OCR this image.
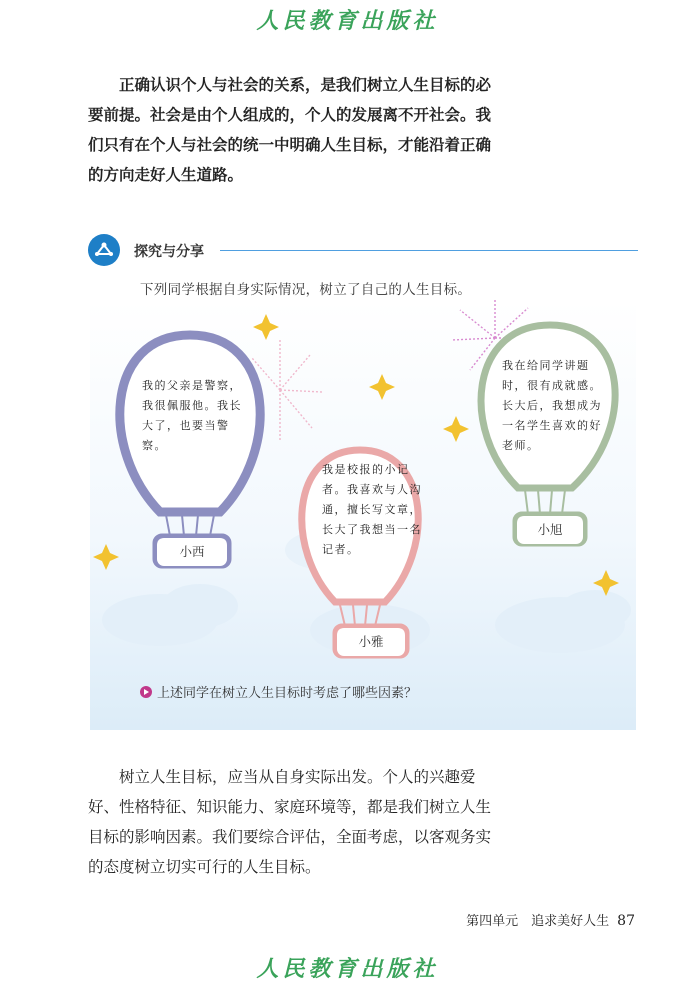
人民教育出版社
正确认识个人与社会的关系，是我们树立人生目标的必要前提。社会是由个人组成的，个人的发展离不开社会。我们只有在个人与社会的统一中明确人生目标，才能沿着正确的方向走好人生道路。
探究与分享
下列同学根据自身实际情况，树立了自己的人生目标。
我的父亲是警察，我很佩服他。我长大了，也要当警察。
小西
我是校报的小记者。我喜欢与人沟通，擅长写文章，长大了我想当一名记者。
小雅
我在给同学讲题时，很有成就感。长大后，我想成为一名学生喜欢的好老师。
小旭
上述同学在树立人生目标时考虑了哪些因素？
树立人生目标，应当从自身实际出发。个人的兴趣爱好、性格特征、知识能力、家庭环境等，都是我们树立人生目标的影响因素。我们要综合评估，全面考虑，以客观务实的态度树立切实可行的人生目标。
第四单元　追求美好人生 87
人民教育出版社
